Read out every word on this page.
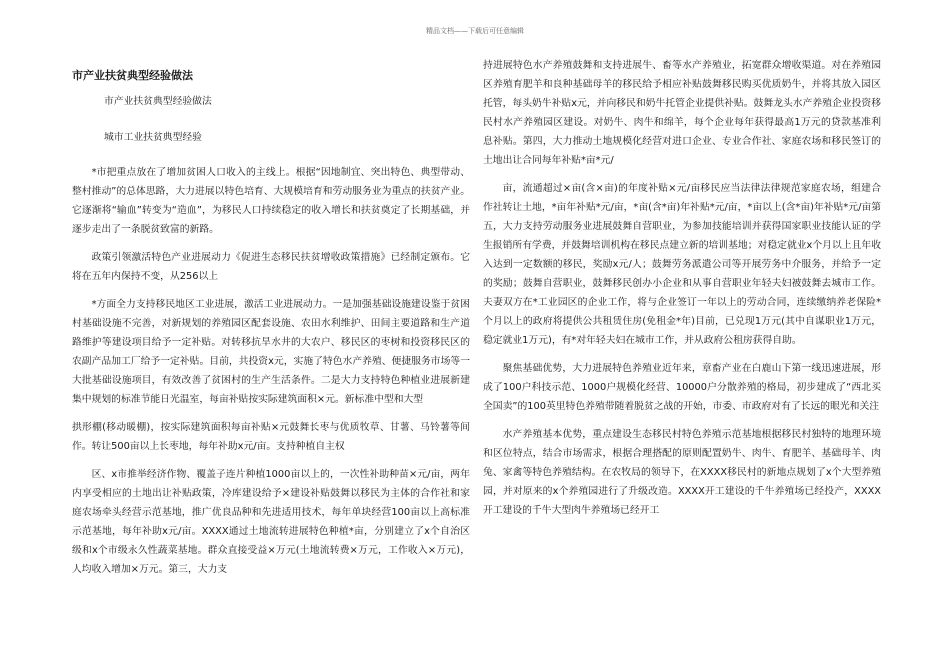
精品文档——下载后可任意编辑
市产业扶贫典型经验做法
市产业扶贫典型经验做法
城市工业扶贫典型经验

*市把重点放在了增加贫困人口收入的主线上。根据“因地制宜、突出特色、典型带动、整村推动”的总体思路，大力进展以特色培育、大规模培育和劳动服务业为重点的扶贫产业。它逐渐将“输血”转变为“造血”，为移民人口持续稳定的收入增长和扶贫奠定了长期基础，并逐步走出了一条脱贫致富的新路。

政策引领激活特色产业进展动力《促进生态移民扶贫增收政策措施》已经制定颁布。它将在五年内保持不变，从256以上

*方面全力支持移民地区工业进展，激活工业进展动力。一是加强基础设施建设鉴于贫困村基础设施不完善，对新规划的养殖园区配套设施、农田水利维护、田间主要道路和生产道路维护等建设项目给予一定补贴。对转移抗旱水井的大农户、移民区的枣树和投资移民区的农副产品加工厂给予一定补贴。目前，共投资x元，实施了特色水产养殖、便捷服务市场等一大批基础设施项目，有效改善了贫困村的生产生活条件。二是大力支持特色种植业进展新建集中规划的标准节能日光温室，每亩补贴按实际建筑面积×元。新标准中型和大型

拱形棚(移动暖棚)，按实际建筑面积每亩补贴×元鼓舞长枣与优质牧草、甘薯、马铃薯等间作。转让500亩以上长枣地，每年补助x元/亩。支持种植自主权

区、x市推举经济作物、覆盖子连片种植1000亩以上的，一次性补助种苗×元/亩，两年内享受相应的土地出让补贴政策，冷库建设给予×建设补贴鼓舞以移民为主体的合作社和家庭农场牵头经营示范基地，推广优良品种和先进适用技术，每年单块经营100亩以上高标准示范基地，每年补助x元/亩。XXXX通过土地流转进展特色种植*亩，分别建立了x个自治区级和x个市级永久性蔬菜基地。群众直接受益×万元(土地流转费×万元，工作收入×万元)，人均收入增加×万元。第三，大力支

持进展特色水产养殖鼓舞和支持进展牛、畜等水产养殖业，拓宽群众增收渠道。对在养殖园区养殖育肥羊和良种基础母羊的移民给予相应补贴鼓舞移民购买优质奶牛，并将其放入园区托管，每头奶牛补贴x元，并向移民和奶牛托管企业提供补贴。鼓舞龙头水产养殖企业投资移民村水产养殖园区建设。对奶牛、肉牛和绵羊，每个企业每年获得最高1万元的贷款基准利息补贴。第四，大力推动土地规模化经营对进口企业、专业合作社、家庭农场和移民签订的土地出让合同每年补贴*亩*元/

亩，流通超过×亩(含×亩)的年度补贴×元/亩移民应当法律法律规范家庭农场，组建合作社转让土地，*亩年补贴*元/亩，*亩(含*亩)年补贴*元/亩，*亩以上(含*亩)年补贴*元/亩第五，大力支持劳动服务业进展鼓舞自营职业，为参加技能培训并获得国家职业技能认证的学生报销所有学费，并鼓舞培训机构在移民点建立新的培训基地；对稳定就业x个月以上且年收入达到一定数额的移民，奖励x元/人；鼓舞劳务派遣公司等开展劳务中介服务，并给予一定的奖励；鼓舞自营职业，鼓舞移民创办小企业和从事自营职业年轻夫妇被鼓舞去城市工作。夫妻双方在*工业园区的企业工作，将与企业签订一年以上的劳动合同，连续缴纳养老保险*个月以上的政府将提供公共租赁住房(免租金*年)目前，已兑现1万元(其中自谋职业1万元，稳定就业1万元)，有*对年轻夫妇在城市工作，并从政府公租房获得自助。

聚焦基础优势，大力进展特色养殖业近年来，章畜产业在白鹿山下第一线迅速进展，形成了100户科技示范、1000户规模化经营、10000户分散养殖的格局，初步建成了“西北买全国卖”的100英里特色养殖带随着脱贫之战的开始，市委、市政府对有了长远的眼光和关注

水产养殖基本优势，重点建设生态移民村特色养殖示范基地根据移民村独特的地理环境和区位特点，结合市场需求，根据合理搭配的原则配置奶牛、肉牛、育肥羊、基础母羊、肉兔、家禽等特色养殖结构。在农牧局的领导下，在XXXX移民村的新地点规划了x个大型养殖园，并对原来的x个养殖园进行了升级改造。XXXX开工建设的千牛养殖场已经投产，XXXX开工建设的千牛大型肉牛养殖场已经开工
